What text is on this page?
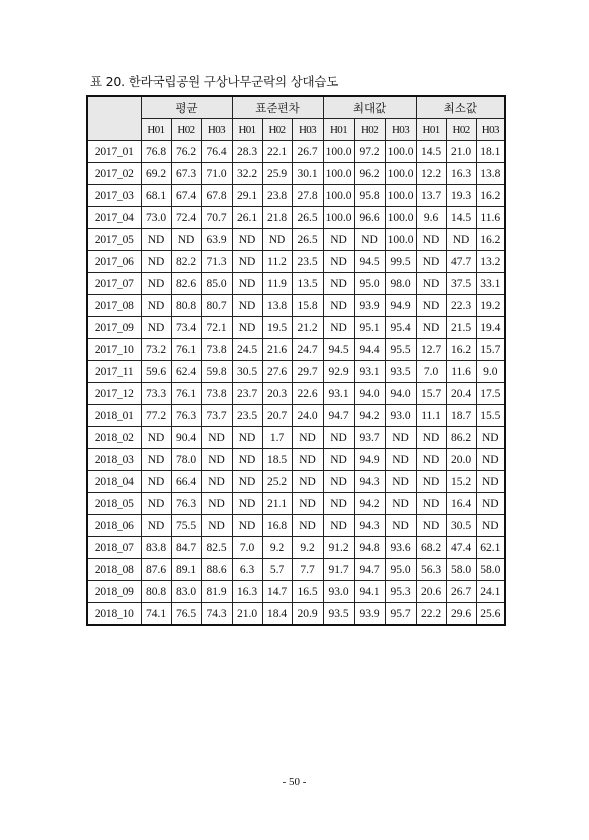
표 20. 한라국립공원 구상나무군락의 상대습도
	평균			표준편차			최대값			최소값		
	H01	H02	H03	H01	H02	H03	H01	H02	H03	H01	H02	H03
2017_01	76.8	76.2	76.4	28.3	22.1	26.7	100.0	97.2	100.0	14.5	21.0	18.1
2017_02	69.2	67.3	71.0	32.2	25.9	30.1	100.0	96.2	100.0	12.2	16.3	13.8
2017_03	68.1	67.4	67.8	29.1	23.8	27.8	100.0	95.8	100.0	13.7	19.3	16.2
2017_04	73.0	72.4	70.7	26.1	21.8	26.5	100.0	96.6	100.0	9.6	14.5	11.6
2017_05	ND	ND	63.9	ND	ND	26.5	ND	ND	100.0	ND	ND	16.2
2017_06	ND	82.2	71.3	ND	11.2	23.5	ND	94.5	99.5	ND	47.7	13.2
2017_07	ND	82.6	85.0	ND	11.9	13.5	ND	95.0	98.0	ND	37.5	33.1
2017_08	ND	80.8	80.7	ND	13.8	15.8	ND	93.9	94.9	ND	22.3	19.2
2017_09	ND	73.4	72.1	ND	19.5	21.2	ND	95.1	95.4	ND	21.5	19.4
2017_10	73.2	76.1	73.8	24.5	21.6	24.7	94.5	94.4	95.5	12.7	16.2	15.7
2017_11	59.6	62.4	59.8	30.5	27.6	29.7	92.9	93.1	93.5	7.0	11.6	9.0
2017_12	73.3	76.1	73.8	23.7	20.3	22.6	93.1	94.0	94.0	15.7	20.4	17.5
2018_01	77.2	76.3	73.7	23.5	20.7	24.0	94.7	94.2	93.0	11.1	18.7	15.5
2018_02	ND	90.4	ND	ND	1.7	ND	ND	93.7	ND	ND	86.2	ND
2018_03	ND	78.0	ND	ND	18.5	ND	ND	94.9	ND	ND	20.0	ND
2018_04	ND	66.4	ND	ND	25.2	ND	ND	94.3	ND	ND	15.2	ND
2018_05	ND	76.3	ND	ND	21.1	ND	ND	94.2	ND	ND	16.4	ND
2018_06	ND	75.5	ND	ND	16.8	ND	ND	94.3	ND	ND	30.5	ND
2018_07	83.8	84.7	82.5	7.0	9.2	9.2	91.2	94.8	93.6	68.2	47.4	62.1
2018_08	87.6	89.1	88.6	6.3	5.7	7.7	91.7	94.7	95.0	56.3	58.0	58.0
2018_09	80.8	83.0	81.9	16.3	14.7	16.5	93.0	94.1	95.3	20.6	26.7	24.1
2018_10	74.1	76.5	74.3	21.0	18.4	20.9	93.5	93.9	95.7	22.2	29.6	25.6
- 50 -
